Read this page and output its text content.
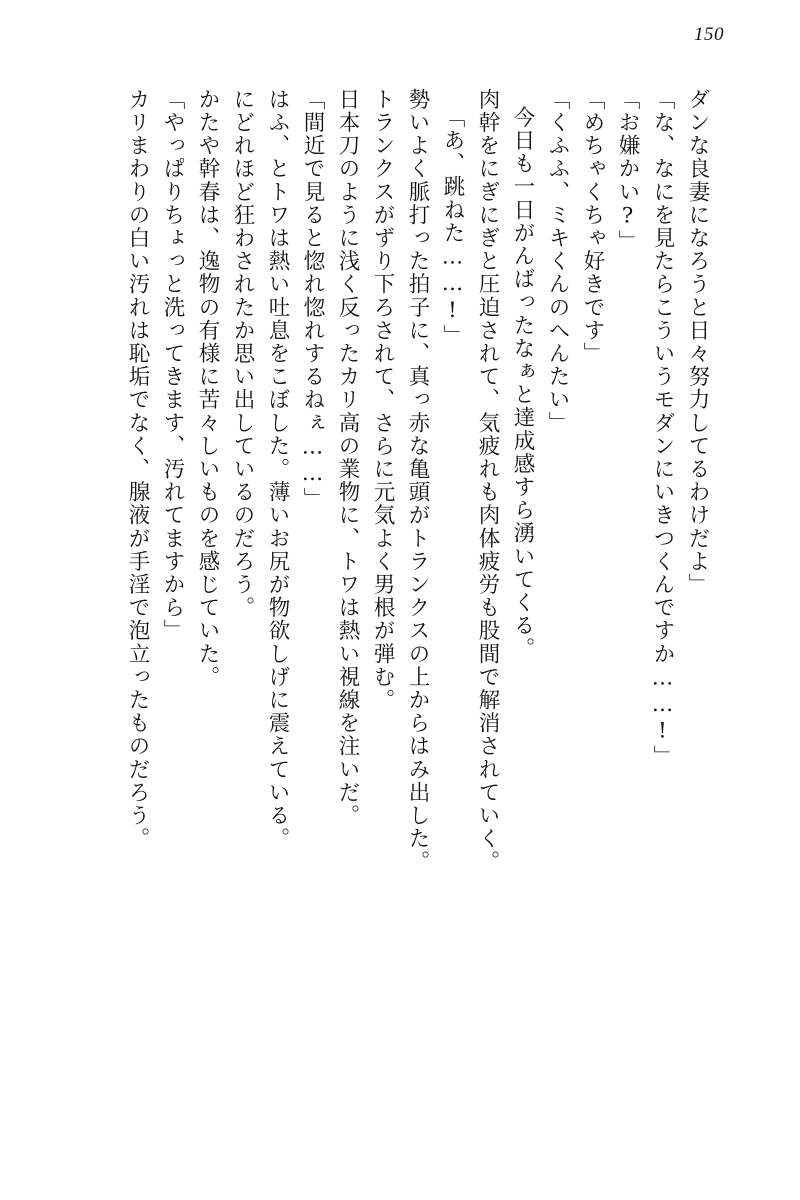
150
ダンな良妻になろうと日々努力してるわけだよ」
「な、なにを見たらこういうモダンにいきつくんですか……!」
「お嫌かい?」
「めちゃくちゃ好きです」
「くふふ、ミキくんのへんたい」
今日も一日がんばったなぁと達成感すら湧いてくる。
肉幹をにぎにぎと圧迫されて、気疲れも肉体疲労も股間で解消されていく。
「あ、跳ねた……!」
勢いよく脈打った拍子に、真っ赤な亀頭がトランクスの上からはみ出した。
トランクスがずり下ろされて、さらに元気よく男根が弾む。
日本刀のように浅く反ったカリ高の業物に、トワは熱い視線を注いだ。
「間近で見ると惚れ惚れするねぇ……」
はふ、とトワは熱い吐息をこぼした。薄いお尻が物欲しげに震えている。
にどれほど狂わされたか思い出しているのだろう。
かたや幹春は、逸物の有様に苦々しいものを感じていた。
「やっぱりちょっと洗ってきます、汚れてますから」
カリまわりの白い汚れは恥垢でなく、腺液が手淫で泡立ったものだろう。
